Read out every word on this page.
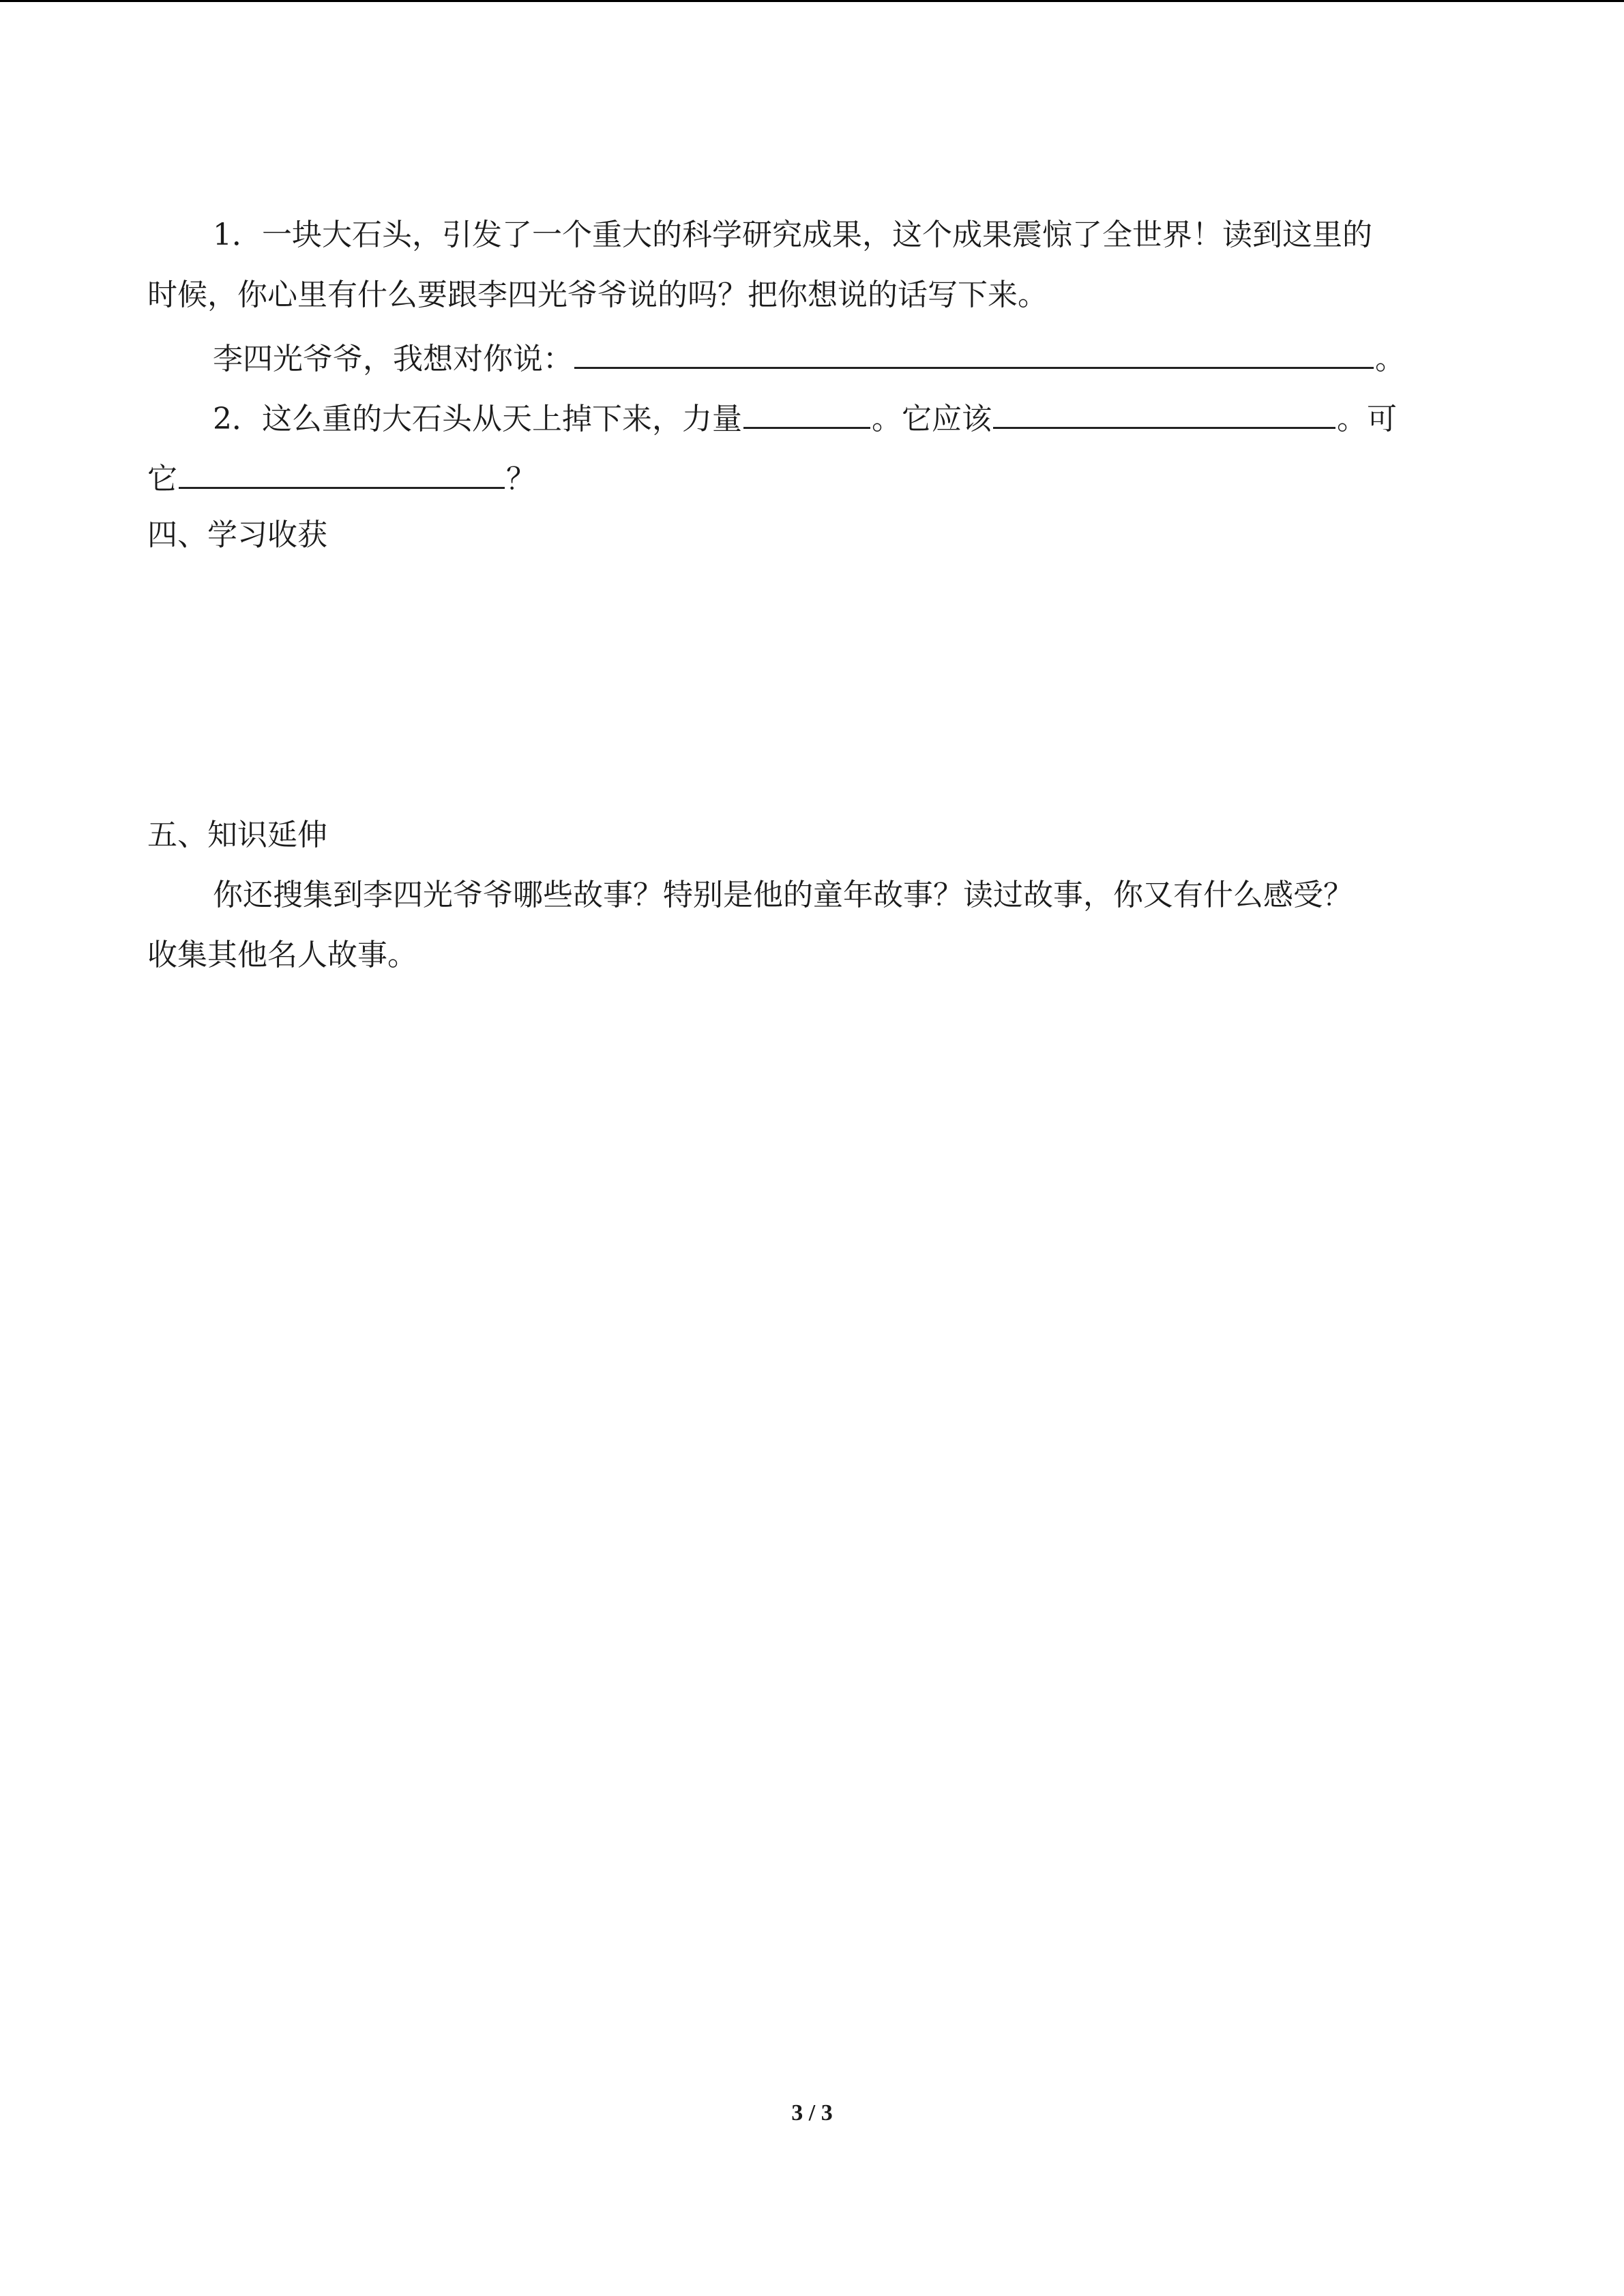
1．一块大石头，引发了一个重大的科学研究成果，这个成果震惊了全世界！读到这里的
时候，你心里有什么要跟李四光爷爷说的吗？把你想说的话写下来。
李四光爷爷，我想对你说：	。
2．这么重的大石头从天上掉下来，力量	。它应该	。可
它	？
四、学习收获
五、知识延伸
你还搜集到李四光爷爷哪些故事？特别是他的童年故事？读过故事，你又有什么感受？
收集其他名人故事。
3 / 3
